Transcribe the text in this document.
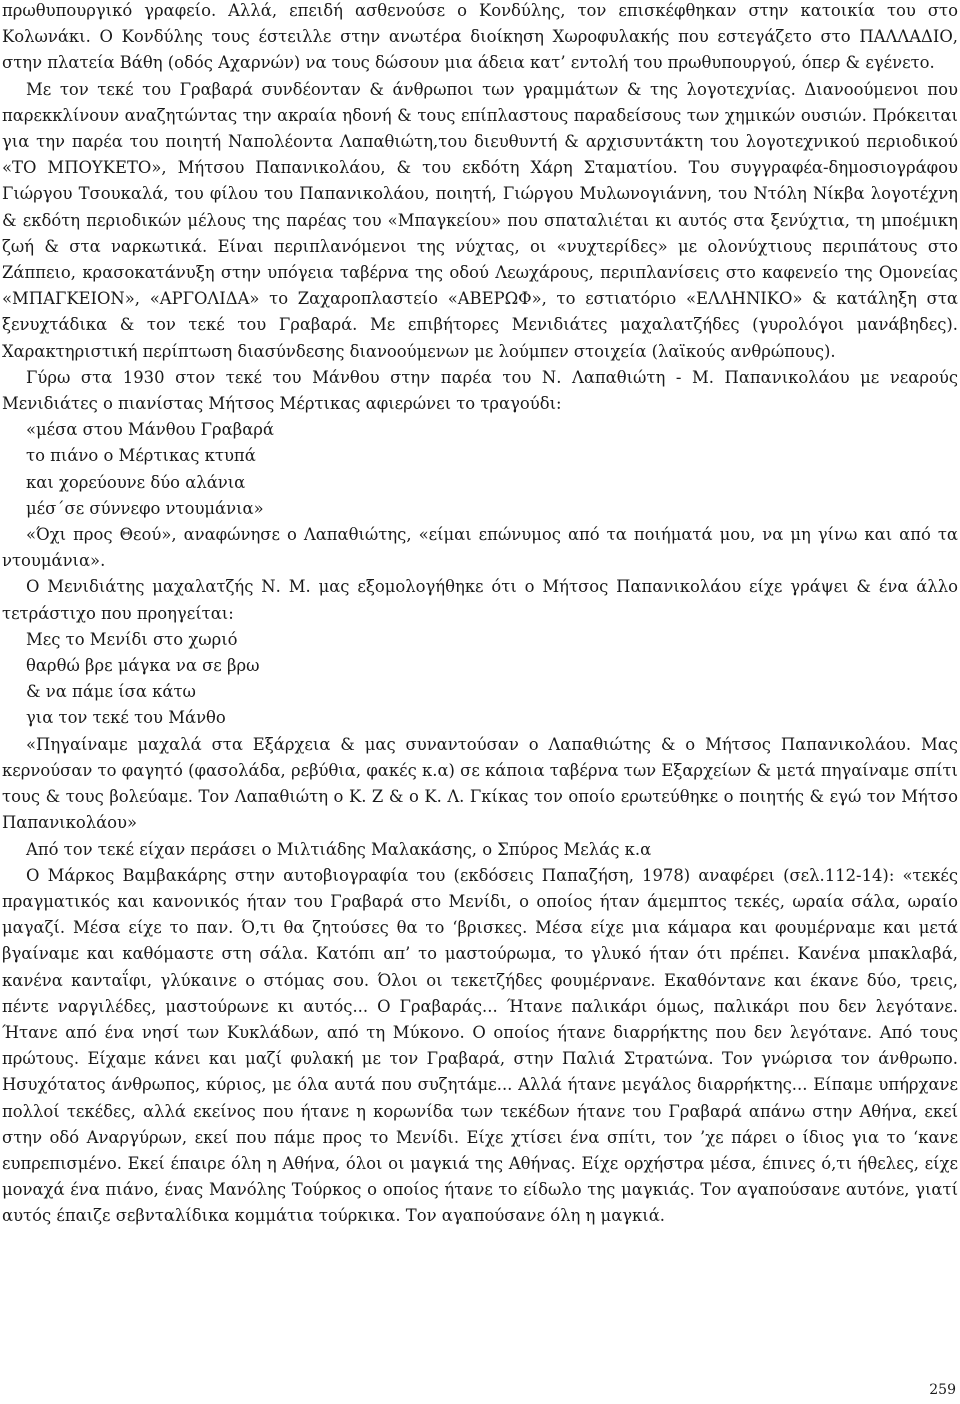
πρωθυπουργικό γραφείο. Αλλά, επειδή ασθενούσε ο Κονδύλης, τον επισκέφθηκαν στην κατοικία του στο Κολωνάκι. Ο Κονδύλης τους έστειλλε στην ανωτέρα διοίκηση Χωροφυλακής που εστεγάζετο στο ΠΑΛΛΑΔΙΟ, στην πλατεία Βάθη (οδός Αχαρνών) να τους δώσουν μια άδεια κατ’ εντολή του πρωθυπουργού, όπερ & εγένετο.

Με τον τεκέ του Γραβαρά συνδέονταν & άνθρωποι των γραμμάτων & της λογοτεχνίας. Διανοούμενοι που παρεκκλίνουν αναζητώντας την ακραία ηδονή & τους επίπλαστους παραδείσους των χημικών ουσιών. Πρόκειται για την παρέα του ποιητή Ναπολέοντα Λαπαθιώτη,του διευθυντή & αρχισυντάκτη του λογοτεχνικού περιοδικού «ΤΟ ΜΠΟΥΚΕΤΟ», Μήτσου Παπανικολάου, & του εκδότη Χάρη Σταματίου. Του συγγραφέα-δημοσιογράφου Γιώργου Τσουκαλά, του φίλου του Παπανικολάου, ποιητή, Γιώργου Μυλωνογιάννη, του Ντόλη Νίκβα λογοτέχνη & εκδότη περιοδικών μέλους της παρέας του «Μπαγκείου» που σπαταλιέται κι αυτός στα ξενύχτια, τη μποέμικη ζωή & στα ναρκωτικά. Είναι περιπλανόμενοι της νύχτας, οι «νυχτερίδες» με ολονύχτιους περιπάτους στο Ζάππειο, κρασοκατάνυξη στην υπόγεια ταβέρνα της οδού Λεωχάρους, περιπλανίσεις στο καφενείο της Ομονείας «ΜΠΑΓΚΕΙΟΝ», «ΑΡΓΟΛΙΔΑ» το Ζαχαροπλαστείο «ΑΒΕΡΩΦ», το εστιατόριο «ΕΛΛΗΝΙΚΟ» & κατάληξη στα ξενυχτάδικα & τον τεκέ του Γραβαρά. Με επιβήτορες Μενιδιάτες μαχαλατζήδες (γυρολόγοι μανάβηδες). Χαρακτηριστική περίπτωση διασύνδεσης διανοούμενων με λούμπεν στοιχεία (λαϊκούς ανθρώπους).

Γύρω στα 1930 στον τεκέ του Μάνθου στην παρέα του Ν. Λαπαθιώτη - Μ. Παπανικολάου με νεαρούς Μενιδιάτες ο πιανίστας Μήτσος Μέρτικας αφιερώνει το τραγούδι:

«μέσα στου Μάνθου Γραβαρά
το πιάνο ο Μέρτικας κτυπά
και χορεύουνε δύο αλάνια
μέσ΄σε σύννεφο ντουμάνια»

«Όχι προς Θεού», αναφώνησε ο Λαπαθιώτης, «είμαι επώνυμος από τα ποιήματά μου, να μη γίνω και από τα ντουμάνια».

Ο Μενιδιάτης μαχαλατζής Ν. Μ. μας εξομολογήθηκε ότι ο Μήτσος Παπανικολάου είχε γράψει & ένα άλλο τετράστιχο που προηγείται:

Μες το Μενίδι στο χωριό
θαρθώ βρε μάγκα να σε βρω
& να πάμε ίσα κάτω
για τον τεκέ του Μάνθο

«Πηγαίναμε μαχαλά στα Εξάρχεια & μας συναντούσαν ο Λαπαθιώτης & ο Μήτσος Παπανικολάου. Μας κερνούσαν το φαγητό (φασολάδα, ρεβύθια, φακές κ.α) σε κάποια ταβέρνα των Εξαρχείων & μετά πηγαίναμε σπίτι τους & τους βολεύαμε. Τον Λαπαθιώτη ο Κ. Ζ & ο Κ. Λ. Γκίκας τον οποίο ερωτεύθηκε ο ποιητής & εγώ τον Μήτσο Παπανικολάου»

Από τον τεκέ είχαν περάσει ο Μιλτιάδης Μαλακάσης, ο Σπύρος Μελάς κ.α

Ο Μάρκος Βαμβακάρης στην αυτοβιογραφία του (εκδόσεις Παπαζήση, 1978) αναφέρει (σελ.112-14): «τεκές πραγματικός και κανονικός ήταν του Γραβαρά στο Μενίδι, ο οποίος ήταν άμεμπτος τεκές, ωραία σάλα, ωραίο μαγαζί. Μέσα είχε το παν. Ό,τι θα ζητούσες θα το ‘βρισκες. Μέσα είχε μια κάμαρα και φουμέρναμε και μετά βγαίναμε και καθόμαστε στη σάλα. Κατόπι απ’ το μαστούρωμα, το γλυκό ήταν ότι πρέπει. Κανένα μπακλαβά, κανένα κανταΐφι, γλύκαινε ο στόμας σου. Όλοι οι τεκετζήδες φουμέρνανε. Εκαθόντανε και έκανε δύο, τρεις, πέντε ναργιλέδες, μαστούρωνε κι αυτός... Ο Γραβαράς... Ήτανε παλικάρι όμως, παλικάρι που δεν λεγότανε. Ήτανε από ένα νησί των Κυκλάδων, από τη Μύκονο. Ο οποίος ήτανε διαρρήκτης που δεν λεγότανε. Από τους πρώτους. Είχαμε κάνει και μαζί φυλακή με τον Γραβαρά, στην Παλιά Στρατώνα. Τον γνώρισα τον άνθρωπο. Ησυχότατος άνθρωπος, κύριος, με όλα αυτά που συζητάμε... Αλλά ήτανε μεγάλος διαρρήκτης... Είπαμε υπήρχανε πολλοί τεκέδες, αλλά εκείνος που ήτανε η κορωνίδα των τεκέδων ήτανε του Γραβαρά απάνω στην Αθήνα, εκεί στην οδό Αναργύρων, εκεί που πάμε προς το Μενίδι. Είχε χτίσει ένα σπίτι, τον ’χε πάρει ο ίδιος για το ‘κανε ευπρεπισμένο. Εκεί έπαιρε όλη η Αθήνα, όλοι οι μαγκιά της Αθήνας. Είχε ορχήστρα μέσα, έπινες ό,τι ήθελες, είχε μοναχά ένα πιάνο, ένας Μανόλης Τούρκος ο οποίος ήτανε το είδωλο της μαγκιάς. Τον αγαπούσανε αυτόνε, γιατί αυτός έπαιζε σεβνταλίδικα κομμάτια τούρκικα. Τον αγαπούσανε όλη η μαγκιά.

259
